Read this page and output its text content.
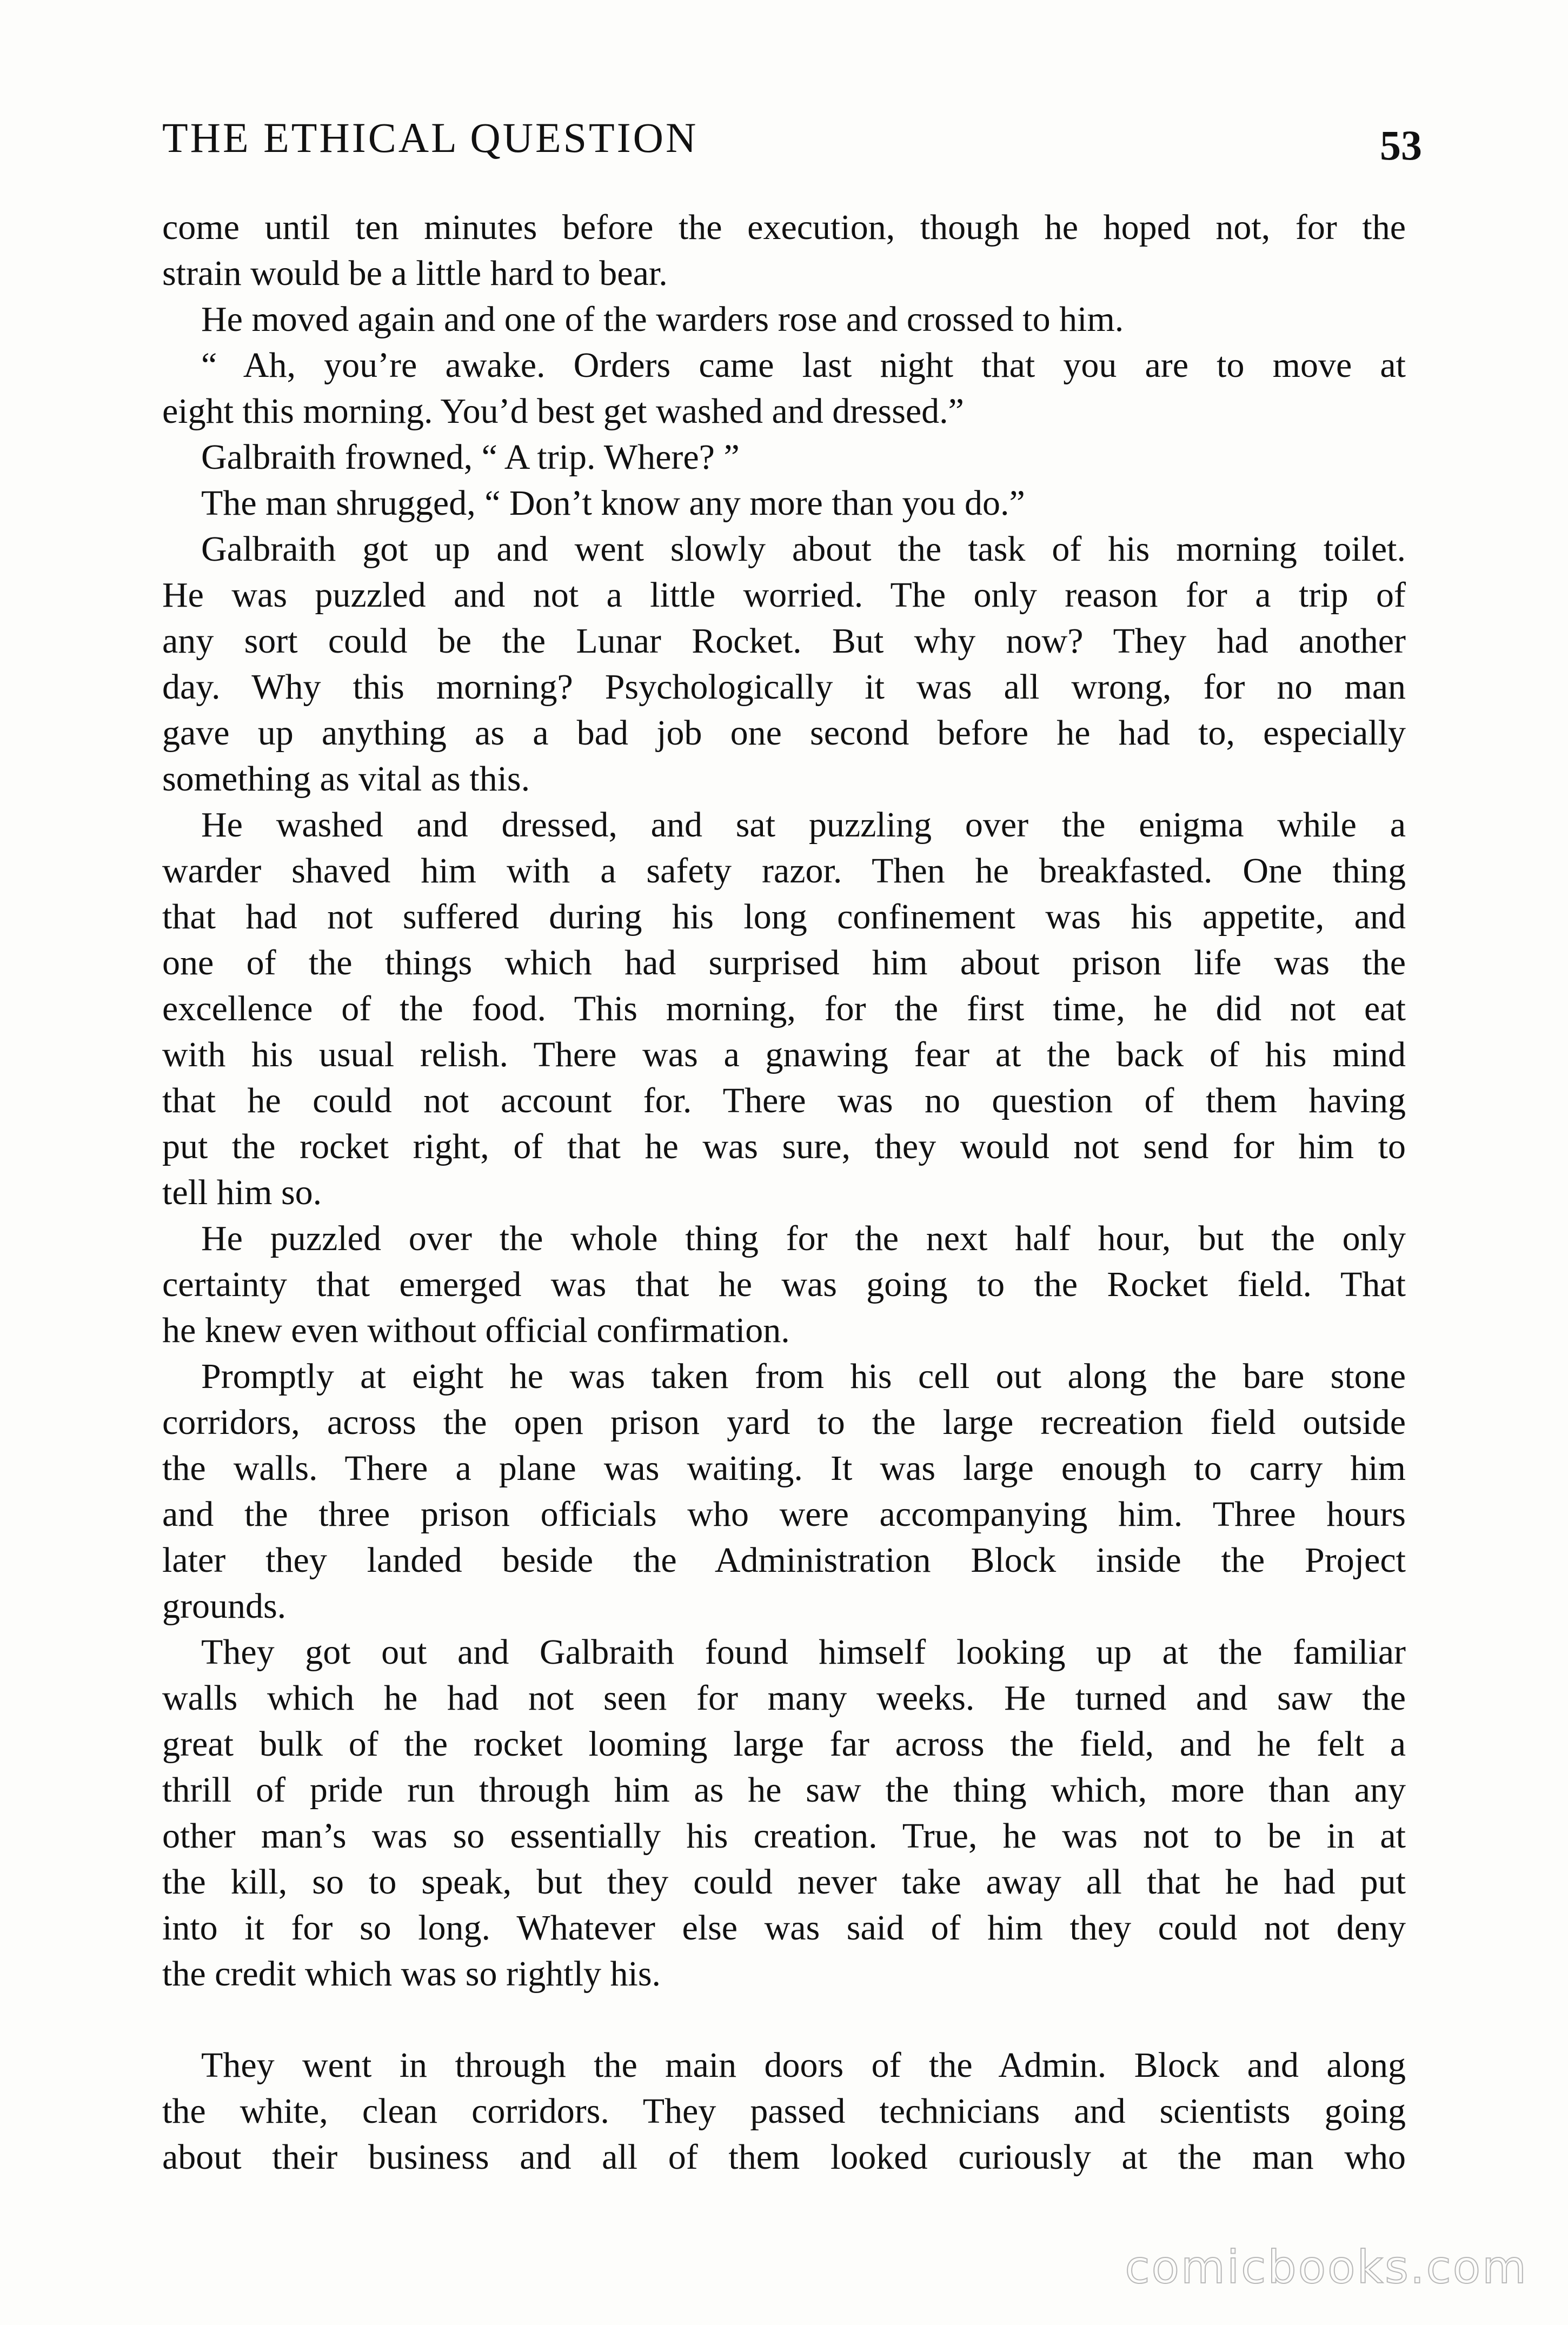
THE ETHICAL QUESTION	53
come until ten minutes before the execution, though he hoped not, for the
strain would be a little hard to bear.
He moved again and one of the warders rose and crossed to him.
“ Ah, you’re awake. Orders came last night that you are to move at
eight this morning. You’d best get washed and dressed.”
Galbraith frowned, “ A trip. Where? ”
The man shrugged, “ Don’t know any more than you do.”
Galbraith got up and went slowly about the task of his morning toilet.
He was puzzled and not a little worried. The only reason for a trip of
any sort could be the Lunar Rocket. But why now? They had another
day. Why this morning? Psychologically it was all wrong, for no man
gave up anything as a bad job one second before he had to, especially
something as vital as this.
He washed and dressed, and sat puzzling over the enigma while a
warder shaved him with a safety razor. Then he breakfasted. One thing
that had not suffered during his long confinement was his appetite, and
one of the things which had surprised him about prison life was the
excellence of the food. This morning, for the first time, he did not eat
with his usual relish. There was a gnawing fear at the back of his mind
that he could not account for. There was no question of them having
put the rocket right, of that he was sure, they would not send for him to
tell him so.
He puzzled over the whole thing for the next half hour, but the only
certainty that emerged was that he was going to the Rocket field. That
he knew even without official confirmation.
Promptly at eight he was taken from his cell out along the bare stone
corridors, across the open prison yard to the large recreation field outside
the walls. There a plane was waiting. It was large enough to carry him
and the three prison officials who were accompanying him. Three hours
later they landed beside the Administration Block inside the Project
grounds.
They got out and Galbraith found himself looking up at the familiar
walls which he had not seen for many weeks. He turned and saw the
great bulk of the rocket looming large far across the field, and he felt a
thrill of pride run through him as he saw the thing which, more than any
other man’s was so essentially his creation. True, he was not to be in at
the kill, so to speak, but they could never take away all that he had put
into it for so long. Whatever else was said of him they could not deny
the credit which was so rightly his.
They went in through the main doors of the Admin. Block and along
the white, clean corridors. They passed technicians and scientists going
about their business and all of them looked curiously at the man who
comicbooks.com
